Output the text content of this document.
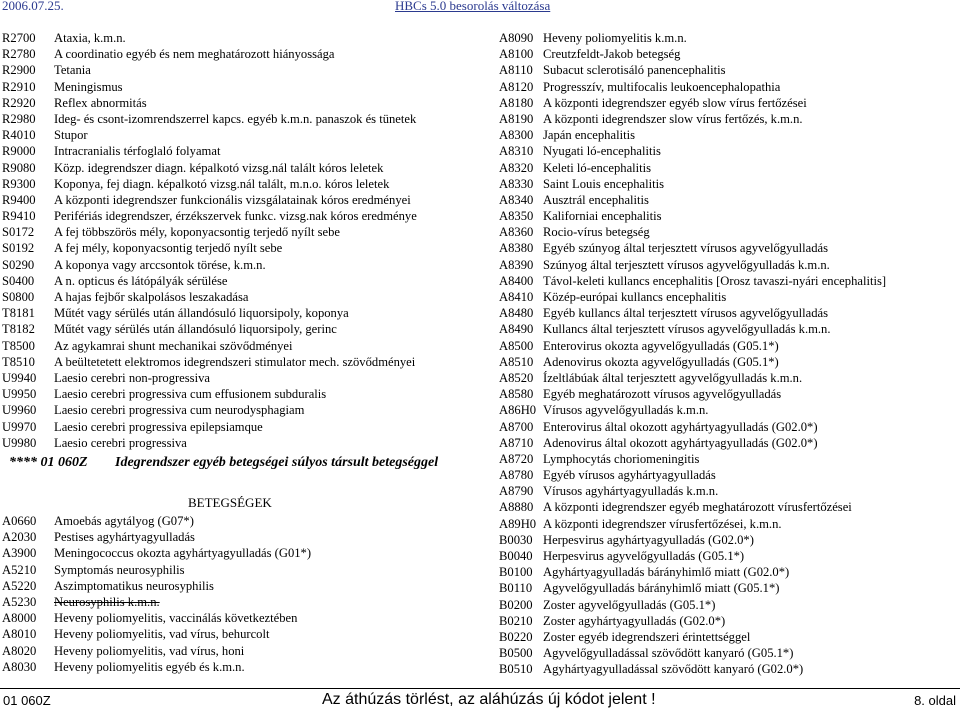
2006.07.25.	HBCs 5.0 besorolás változása
R2700 Ataxia, k.m.n.
R2780 A coordinatio egyéb és nem meghatározott hiányossága
R2900 Tetania
R2910 Meningismus
R2920 Reflex abnormitás
R2980 Ideg- és csont-izomrendszerrel kapcs. egyéb k.m.n. panaszok és tünetek
R4010 Stupor
R9000 Intracranialis térfoglaló folyamat
R9080 Közp. idegrendszer diagn. képalkotó vizsg.nál talált kóros leletek
R9300 Koponya, fej diagn. képalkotó vizsg.nál talált, m.n.o. kóros leletek
R9400 A központi idegrendszer funkcionális vizsgálatainak kóros eredményei
R9410 Perifériás idegrendszer, érzékszervek funkc. vizsg.nak kóros eredménye
S0172 A fej többszörös mély, koponyacsontig terjedő nyílt sebe
S0192 A fej mély, koponyacsontig terjedő nyílt sebe
S0290 A koponya vagy arccsontok törése, k.m.n.
S0400 A n. opticus és látópályák sérülése
S0800 A hajas fejbőr skalpolásos leszakadása
T8181 Műtét vagy sérülés után állandósuló liquorsipoly, koponya
T8182 Műtét vagy sérülés után állandósuló liquorsipoly, gerinc
T8500 Az agykamrai shunt mechanikai szövődményei
T8510 A beültetetett elektromos idegrendszeri stimulator mech. szövődményei
U9940 Laesio cerebri non-progressiva
U9950 Laesio cerebri progressiva cum effusionem subduralis
U9960 Laesio cerebri progressiva cum neurodysphagiam
U9970 Laesio cerebri progressiva epilepsiamque
U9980 Laesio cerebri progressiva
**** 01 060Z Idegrendszer egyéb betegségei súlyos társult betegséggel
BETEGSÉGEK
A0660 Amoebás agytályog (G07*)
A2030 Pestises agyhártyagyulladás
A3900 Meningococcus okozta agyhártyagyulladás (G01*)
A5210 Symptomás neurosyphilis
A5220 Aszimptomatikus neurosyphilis
A5230 Neurosyphilis k.m.n.
A8000 Heveny poliomyelitis, vaccinálás következtében
A8010 Heveny poliomyelitis, vad vírus, behurcolt
A8020 Heveny poliomyelitis, vad vírus, honi
A8030 Heveny poliomyelitis egyéb és k.m.n.
A8090 Heveny poliomyelitis k.m.n.
A8100 Creutzfeldt-Jakob betegség
A8110 Subacut sclerotisáló panencephalitis
A8120 Progresszív, multifocalis leukoencephalopathia
A8180 A központi idegrendszer egyéb slow vírus fertőzései
A8190 A központi idegrendszer slow vírus fertőzés, k.m.n.
A8300 Japán encephalitis
A8310 Nyugati ló-encephalitis
A8320 Keleti ló-encephalitis
A8330 Saint Louis encephalitis
A8340 Ausztrál encephalitis
A8350 Kaliforniai encephalitis
A8360 Rocio-vírus betegség
A8380 Egyéb szúnyog által terjesztett vírusos agyvelőgyulladás
A8390 Szúnyog által terjesztett vírusos agyvelőgyulladás k.m.n.
A8400 Távol-keleti kullancs encephalitis [Orosz tavaszi-nyári encephalitis]
A8410 Közép-európai kullancs encephalitis
A8480 Egyéb kullancs által terjesztett vírusos agyvelőgyulladás
A8490 Kullancs által terjesztett vírusos agyvelőgyulladás k.m.n.
A8500 Enterovirus okozta agyvelőgyulladás (G05.1*)
A8510 Adenovirus okozta agyvelőgyulladás (G05.1*)
A8520 Ízeltlábúak által terjesztett agyvelőgyulladás k.m.n.
A8580 Egyéb meghatározott vírusos agyvelőgyulladás
A86H0 Vírusos agyvelőgyulladás k.m.n.
A8700 Enterovirus által okozott agyhártyagyulladás (G02.0*)
A8710 Adenovirus által okozott agyhártyagyulladás (G02.0*)
A8720 Lymphocytás choriomeningitis
A8780 Egyéb vírusos agyhártyagyulladás
A8790 Vírusos agyhártyagyulladás k.m.n.
A8880 A központi idegrendszer egyéb meghatározott vírusfertőzései
A89H0 A központi idegrendszer vírusfertőzései, k.m.n.
B0030 Herpesvirus agyhártyagyulladás (G02.0*)
B0040 Herpesvirus agyvelőgyulladás (G05.1*)
B0100 Agyhártyagyulladás bárányhimlő miatt (G02.0*)
B0110 Agyvelőgyulladás bárányhimlő miatt (G05.1*)
B0200 Zoster agyvelőgyulladás (G05.1*)
B0210 Zoster agyhártyagyulladás (G02.0*)
B0220 Zoster egyéb idegrendszeri érintettséggel
B0500 Agyvelőgyulladással szövődött kanyaró (G05.1*)
B0510 Agyhártyagyulladással szövődött kanyaró (G02.0*)
01 060Z	Az áthúzás törlést, az aláhúzás új kódot jelent !	8. oldal
